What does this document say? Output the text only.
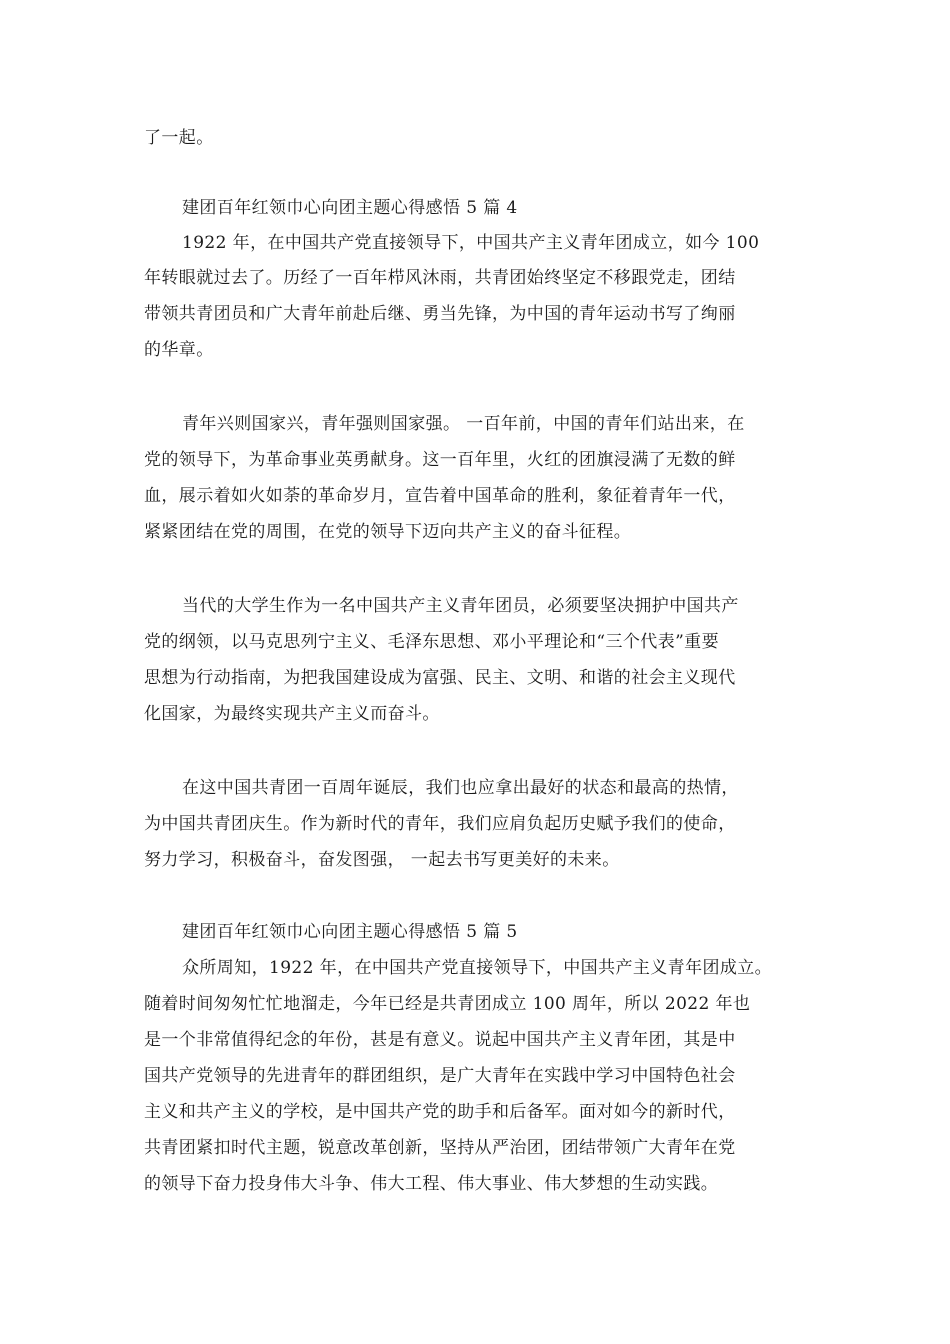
了一起。
建团百年红领巾心向团主题心得感悟 5 篇 4
1922 年，在中国共产党直接领导下，中国共产主义青年团成立，如今 100
年转眼就过去了。历经了一百年栉风沐雨，共青团始终坚定不移跟党走，团结
带领共青团员和广大青年前赴后继、勇当先锋，为中国的青年运动书写了绚丽
的华章。
青年兴则国家兴，青年强则国家强。 一百年前，中国的青年们站出来，在
党的领导下，为革命事业英勇献身。这一百年里，火红的团旗浸满了无数的鲜
血，展示着如火如荼的革命岁月，宣告着中国革命的胜利，象征着青年一代，
紧紧团结在党的周围，在党的领导下迈向共产主义的奋斗征程。
当代的大学生作为一名中国共产主义青年团员，必须要坚决拥护中国共产
党的纲领，以马克思列宁主义、毛泽东思想、邓小平理论和“三个代表”重要
思想为行动指南，为把我国建设成为富强、民主、文明、和谐的社会主义现代
化国家，为最终实现共产主义而奋斗。
在这中国共青团一百周年诞辰，我们也应拿出最好的状态和最高的热情，
为中国共青团庆生。作为新时代的青年，我们应肩负起历史赋予我们的使命，
努力学习，积极奋斗，奋发图强， 一起去书写更美好的未来。
建团百年红领巾心向团主题心得感悟 5 篇 5
众所周知，1922 年，在中国共产党直接领导下，中国共产主义青年团成立。
随着时间匆匆忙忙地溜走，今年已经是共青团成立 100 周年，所以 2022 年也
是一个非常值得纪念的年份，甚是有意义。说起中国共产主义青年团，其是中
国共产党领导的先进青年的群团组织，是广大青年在实践中学习中国特色社会
主义和共产主义的学校，是中国共产党的助手和后备军。面对如今的新时代，
共青团紧扣时代主题，锐意改革创新，坚持从严治团，团结带领广大青年在党
的领导下奋力投身伟大斗争、伟大工程、伟大事业、伟大梦想的生动实践。
